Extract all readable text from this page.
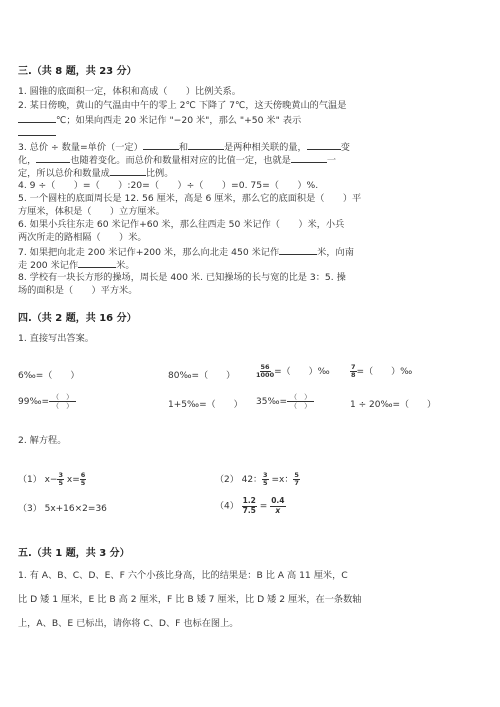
三.（共 8 题，共 23 分）
1. 圆锥的底面积一定，体积和高成（　　）比例关系。
2. 某日傍晚，黄山的气温由中午的零上 2℃ 下降了 7℃，这天傍晚黄山的气温是
℃；如果向西走 20 米记作 "−20 米"，那么 "+50 米" 表示
3. 总价 ÷ 数量=单价（一定）	和	是两种相关联的量，	变
化，	也随着变化。而总价和数量相对应的比值一定，也就是	一
定，所以总价和数量成	比例。
4. 9 ÷（　　）=（　　）:20=（　　）÷（　　）=0. 75=（　　）%.
5. 一个圆柱的底面周长是 12. 56 厘米，高是 6 厘米，那么它的底面积是（　　）平
方厘米，体积是（　　）立方厘米。
6. 如果小兵往东走 60 米记作+60 米，那么往西走 50 米记作（　　）米，小兵
两次所走的路相隔（　　）米。
7. 如果把向北走 200 米记作+200 米，那么向北走 450 米记作	米，向南
走 200 米记作	米。
8. 学校有一块长方形的操场，周长是 400 米. 已知操场的长与宽的比是 3：5. 操
场的面积是（　　）平方米。
四.（共 2 题，共 16 分）
1. 直接写出答案。
6‰=（　　）	80‰=（　　）	$\frac{56}{1000}$ =（　　）‰	$\frac{7}{8}$ =（　　）‰
99‰= $\frac{( )}{( )}$	1+5‰=（　　） 35‰= $\frac{( )}{( )}$	1 ÷ 20‰=（　　）
2. 解方程。
（1） $x- \frac{3}{5} x= \frac{6}{5}$	（2） 42： $\frac{3}{5} =x$： $\frac{5}{7}$
（3） 5x+16×2=36	$(4) \frac{1.2}{7.5} = \frac{0.4}{x}$
五.（共 1 题，共 3 分）
1. 有 A、B、C、D、E、F 六个小孩比身高，比的结果是：B 比 A 高 11 厘米，C
比 D 矮 1 厘米，E 比 B 高 2 厘米，F 比 B 矮 7 厘米，比 D 矮 2 厘米，在一条数轴
上，A、B、E 已标出，请你将 C、D、F 也标在图上。
